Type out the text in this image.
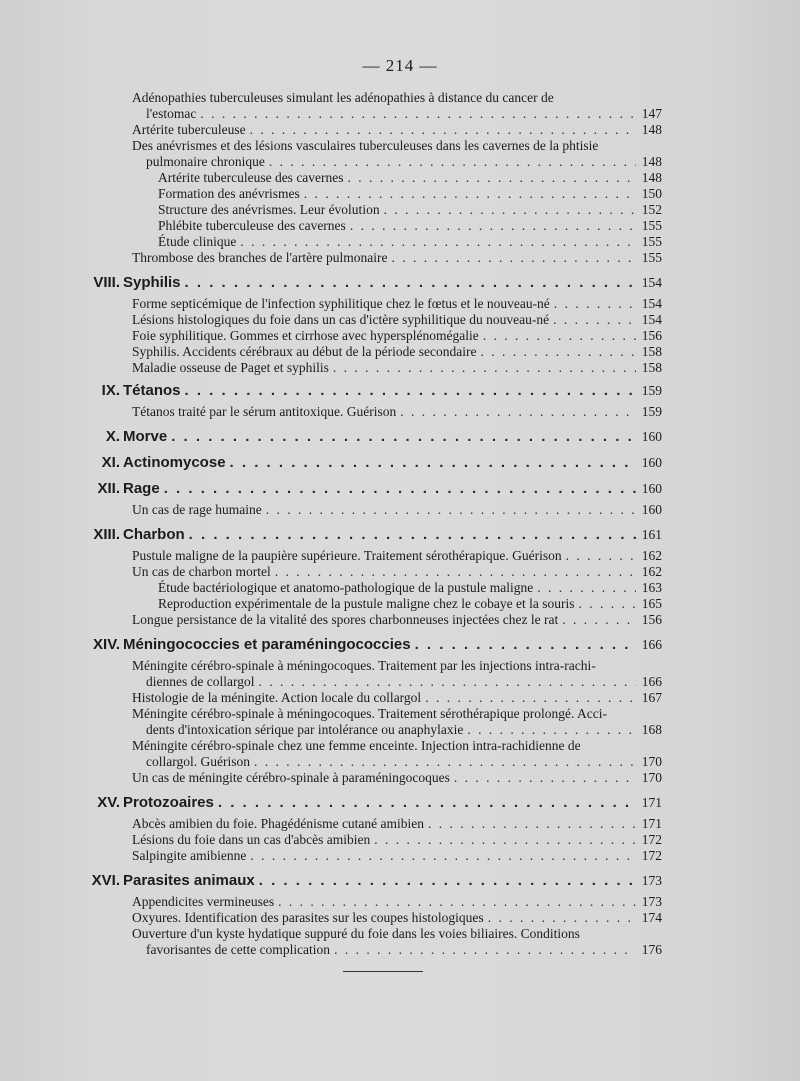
— 214 —
Adénopathies tuberculeuses simulant les adénopathies à distance du cancer de
l'estomac	147
. . .
Artérite tuberculeuse	148
. . .
Des anévrismes et des lésions vasculaires tuberculeuses dans les cavernes de la phtisie
pulmonaire chronique	148
. . .
Artérite tuberculeuse des cavernes	148
. . .
Formation des anévrismes	150
. . .
Structure des anévrismes. Leur évolution	152
. . .
Phlébite tuberculeuse des cavernes	155
. . .
Étude clinique	155
. . .
Thrombose des branches de l'artère pulmonaire	155
. . .
VIII. Syphilis	154
. . .
Forme septicémique de l'infection syphilitique chez le fœtus et le nouveau-né	154
. . .
Lésions histologiques du foie dans un cas d'ictère syphilitique du nouveau-né	154
. . .
Foie syphilitique. Gommes et cirrhose avec hypersplénomégalie	156
. . .
Syphilis. Accidents cérébraux au début de la période secondaire	158
. . .
Maladie osseuse de Paget et syphilis	158
. . .
IX. Tétanos	159
. . .
Tétanos traité par le sérum antitoxique. Guérison	159
. . .
X. Morve	160
. . .
XI. Actinomycose	160
. . .
XII. Rage	160
. . .
Un cas de rage humaine	160
. . .
XIII. Charbon	161
. . .
Pustule maligne de la paupière supérieure. Traitement sérothérapique. Guérison	162
. . .
Un cas de charbon mortel	162
. . .
Étude bactériologique et anatomo-pathologique de la pustule maligne	163
. . .
Reproduction expérimentale de la pustule maligne chez le cobaye et la souris	165
. . .
Longue persistance de la vitalité des spores charbonneuses injectées chez le rat	156
. . .
XIV. Méningococcies et paraméningococcies	166
. . .
Méningite cérébro-spinale à méningocoques. Traitement par les injections intra-rachi-
diennes de collargol	166
. . .
Histologie de la méningite. Action locale du collargol	167
. . .
Méningite cérébro-spinale à méningocoques. Traitement sérothérapique prolongé. Acci-
dents d'intoxication sérique par intolérance ou anaphylaxie	168
. . .
Méningite cérébro-spinale chez une femme enceinte. Injection intra-rachidienne de
collargol. Guérison	170
. . .
Un cas de méningite cérébro-spinale à paraméningocoques	170
. . .
XV. Protozoaires	171
. . .
Abcès amibien du foie. Phagédénisme cutané amibien	171
. . .
Lésions du foie dans un cas d'abcès amibien	172
. . .
Salpingite amibienne	172
. . .
XVI. Parasites animaux	173
. . .
Appendicites vermineuses	173
. . .
Oxyures. Identification des parasites sur les coupes histologiques	174
. . .
Ouverture d'un kyste hydatique suppuré du foie dans les voies biliaires. Conditions
favorisantes de cette complication	176
. . .
